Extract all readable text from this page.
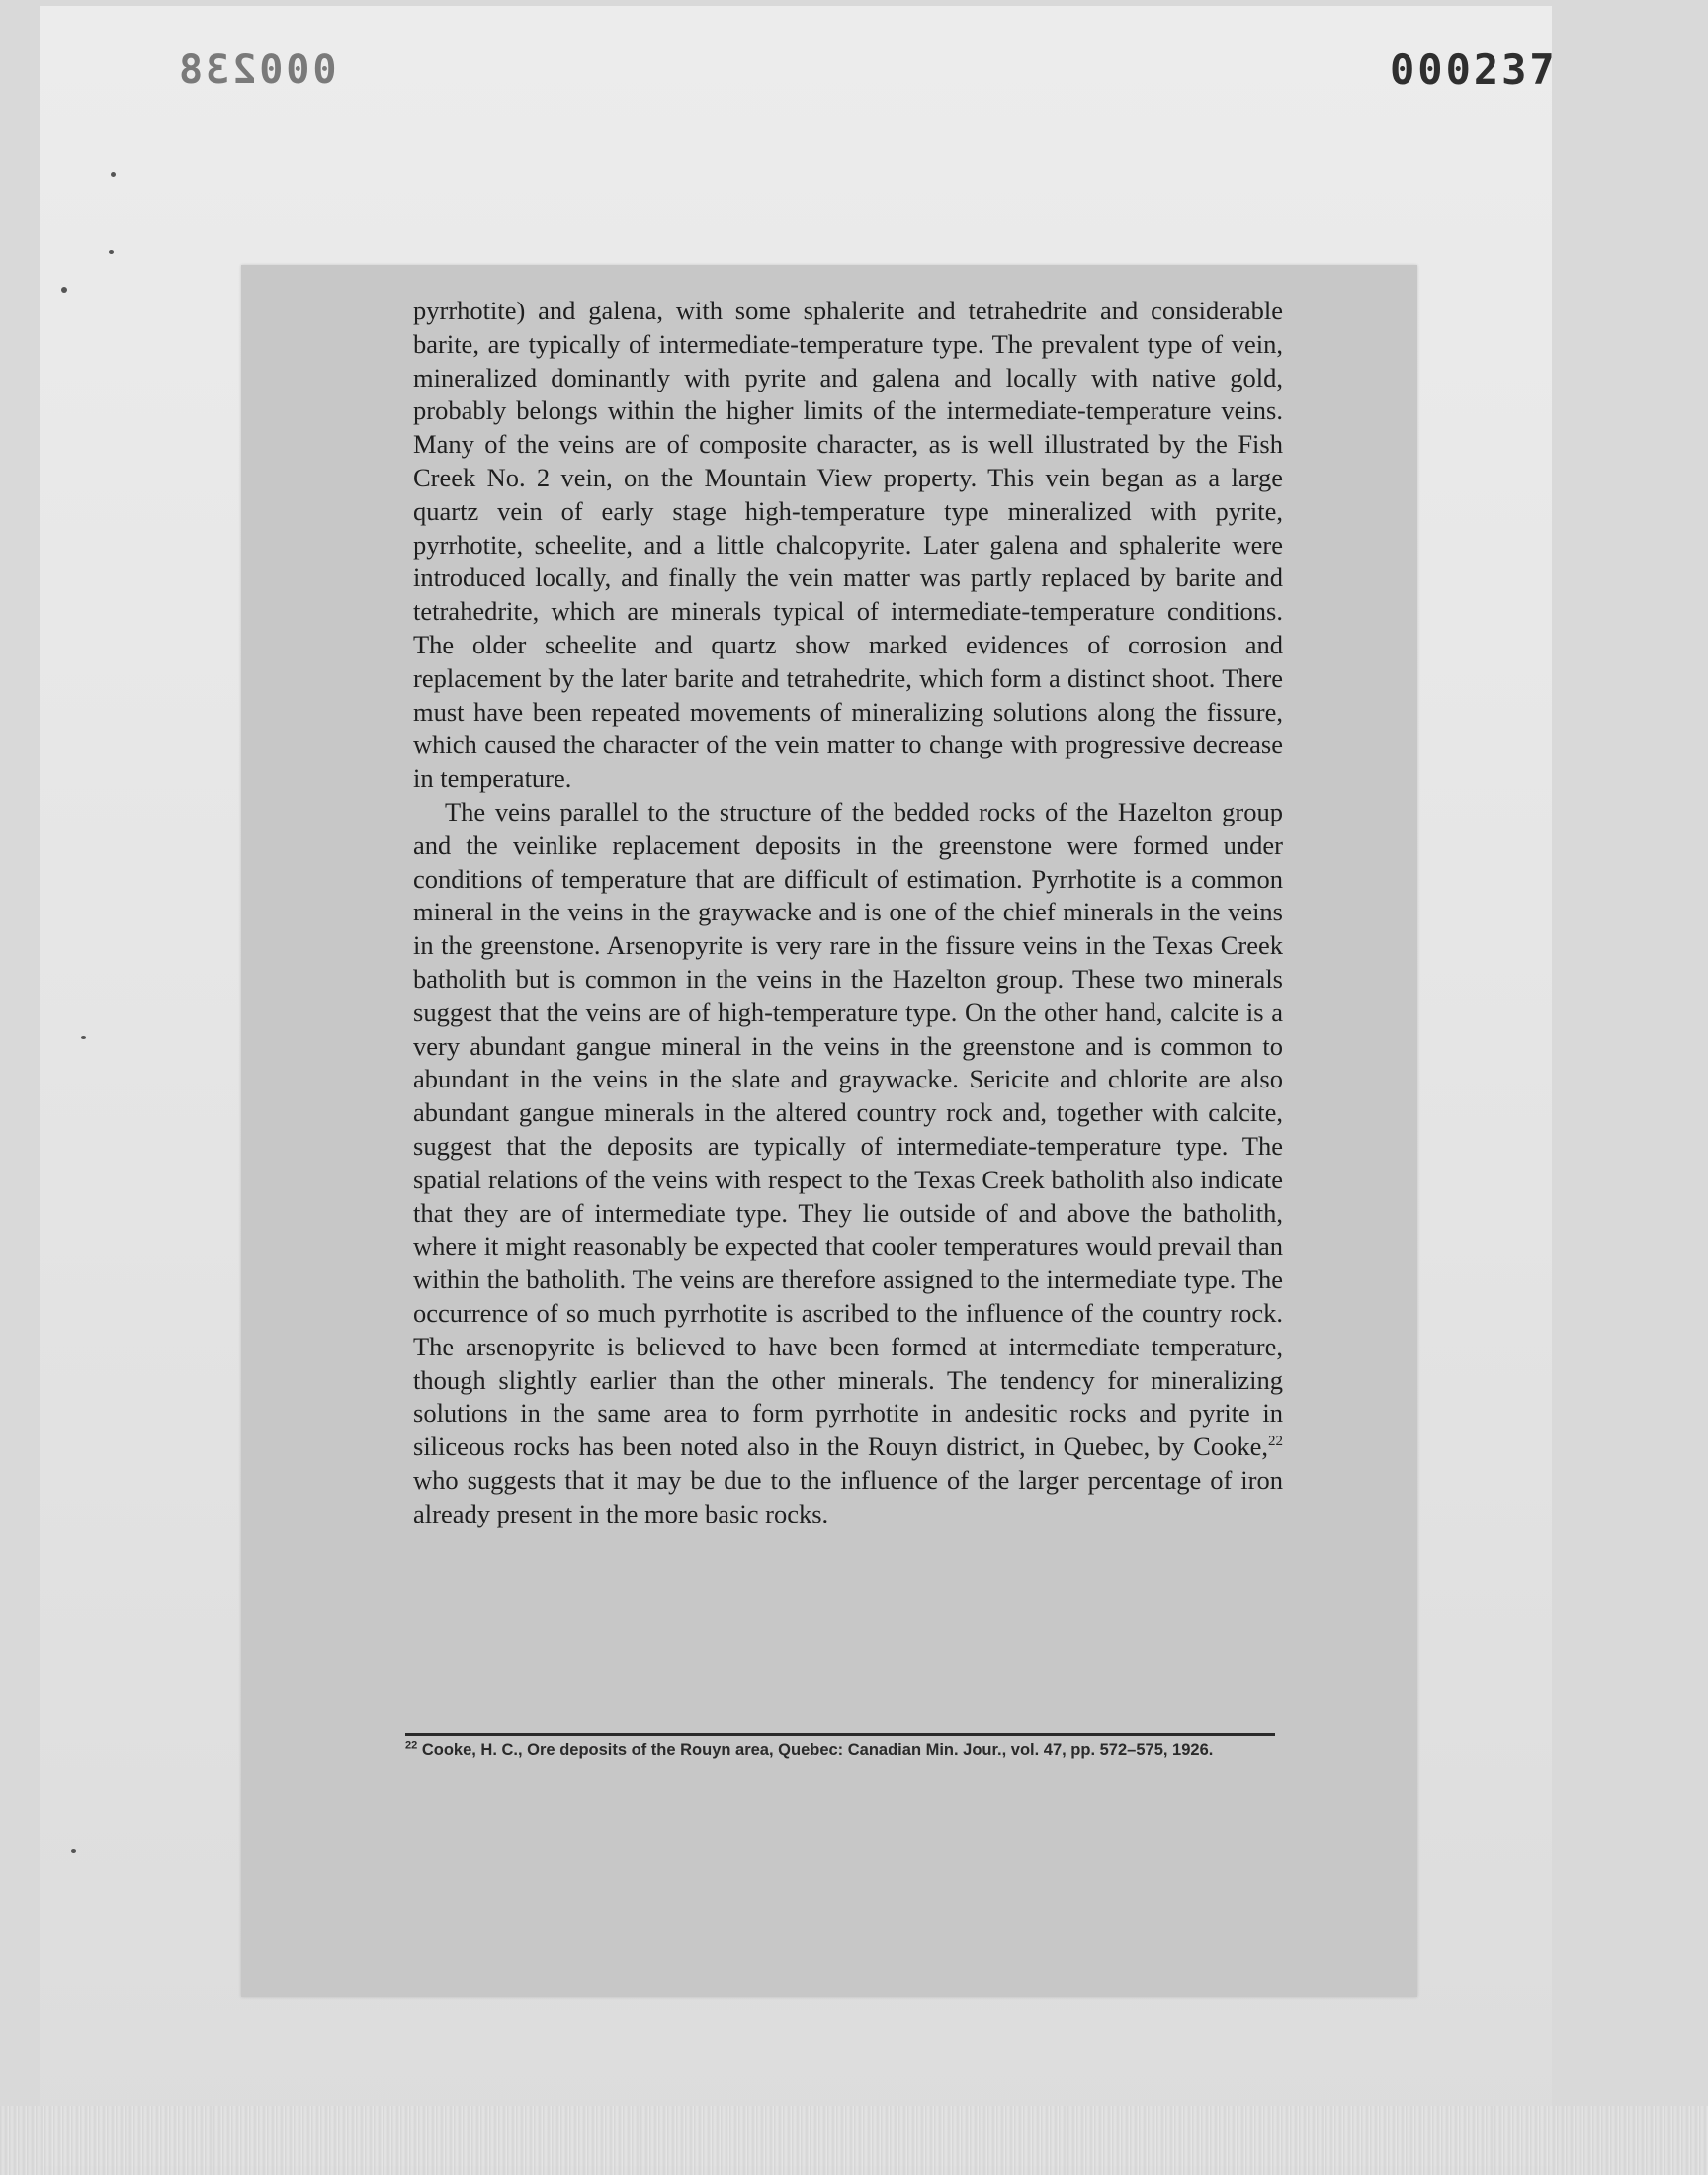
000238	000237

pyrrhotite) and galena, with some sphalerite and tetrahedrite and considerable barite, are typically of intermediate-temperature type. The prevalent type of vein, mineralized dominantly with pyrite and galena and locally with native gold, probably belongs within the higher limits of the intermediate-temperature veins. Many of the veins are of composite character, as is well illustrated by the Fish Creek No. 2 vein, on the Mountain View property. This vein began as a large quartz vein of early stage high-temperature type mineralized with pyrite, pyrrhotite, scheelite, and a little chalcopyrite. Later galena and sphalerite were introduced locally, and finally the vein matter was partly replaced by barite and tetrahedrite, which are minerals typical of intermediate-temperature conditions. The older scheelite and quartz show marked evidences of corrosion and replacement by the later barite and tetrahedrite, which form a distinct shoot. There must have been repeated movements of mineralizing solutions along the fissure, which caused the character of the vein matter to change with progressive decrease in temperature.

The veins parallel to the structure of the bedded rocks of the Hazelton group and the veinlike replacement deposits in the greenstone were formed under conditions of temperature that are difficult of estimation. Pyrrhotite is a common mineral in the veins in the graywacke and is one of the chief minerals in the veins in the greenstone. Arsenopyrite is very rare in the fissure veins in the Texas Creek batholith but is common in the veins in the Hazelton group. These two minerals suggest that the veins are of high-temperature type. On the other hand, calcite is a very abundant gangue mineral in the veins in the greenstone and is common to abundant in the veins in the slate and graywacke. Sericite and chlorite are also abundant gangue minerals in the altered country rock and, together with calcite, suggest that the deposits are typically of intermediate-temperature type. The spatial relations of the veins with respect to the Texas Creek batholith also indicate that they are of intermediate type. They lie outside of and above the batholith, where it might reasonably be expected that cooler temperatures would prevail than within the batholith. The veins are therefore assigned to the intermediate type. The occurrence of so much pyrrhotite is ascribed to the influence of the country rock. The arsenopyrite is believed to have been formed at intermediate temperature, though slightly earlier than the other minerals. The tendency for mineralizing solutions in the same area to form pyrrhotite in andesitic rocks and pyrite in siliceous rocks has been noted also in the Rouyn district, in Quebec, by Cooke,$^{22}$ who suggests that it may be due to the influence of the larger percentage of iron already present in the more basic rocks.

$^{22}$ Cooke, H. C., Ore deposits of the Rouyn area, Quebec: Canadian Min. Jour., vol. 47, pp. 572–575, 1926.
